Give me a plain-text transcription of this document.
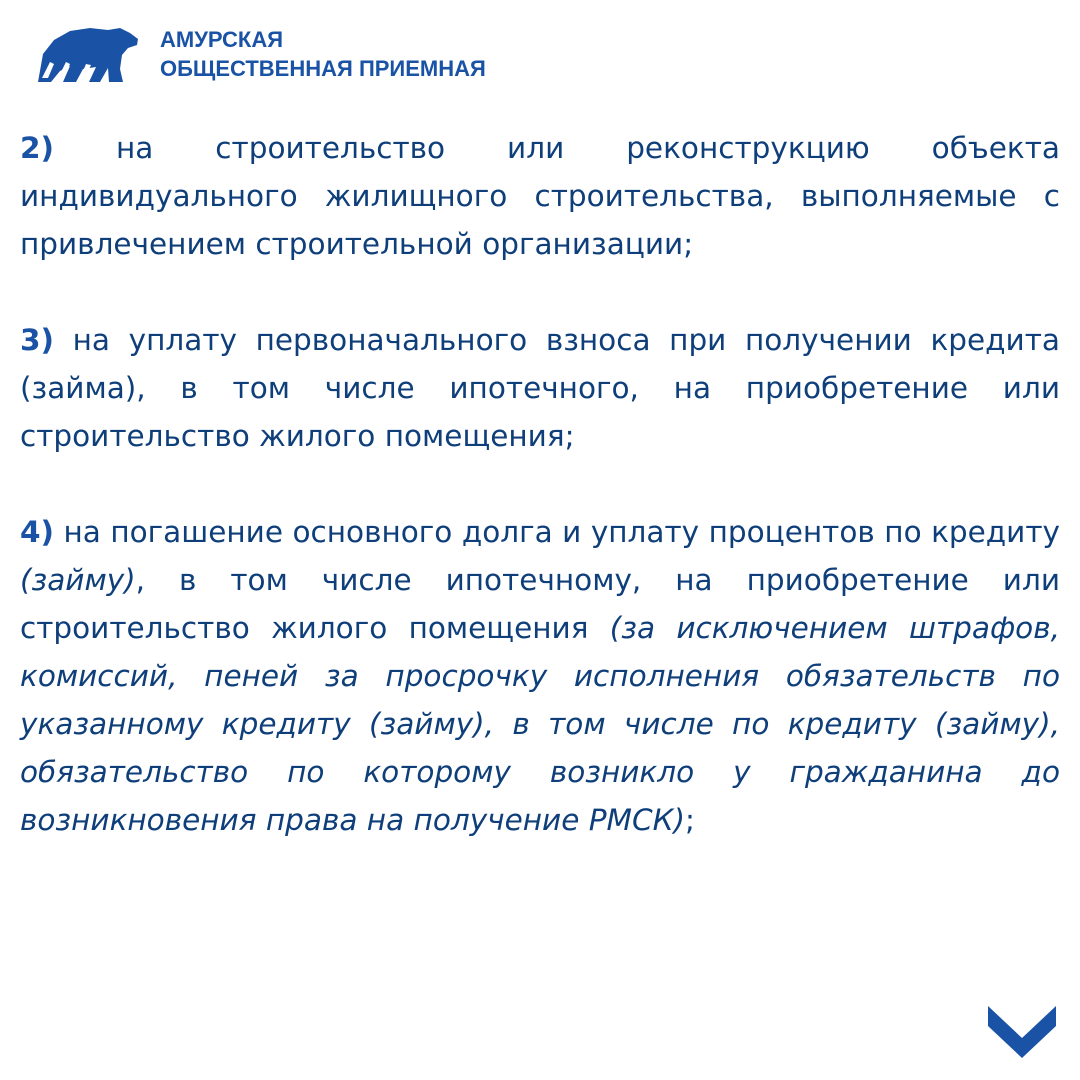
АМУРСКАЯ
ОБЩЕСТВЕННАЯ ПРИЕМНАЯ

2) на строительство или реконструкцию объекта индивидуального жилищного строительства, выполняемые с привлечением строительной организации;

3) на уплату первоначального взноса при получении кредита (займа), в том числе ипотечного, на приобретение или строительство жилого помещения;

4) на погашение основного долга и уплату процентов по кредиту (займу), в том числе ипотечному, на приобретение или строительство жилого помещения (за исключением штрафов, комиссий, пеней за просрочку исполнения обязательств по указанному кредиту (займу), в том числе по кредиту (займу), обязательство по которому возникло у гражданина до возникновения права на получение РМСК);
